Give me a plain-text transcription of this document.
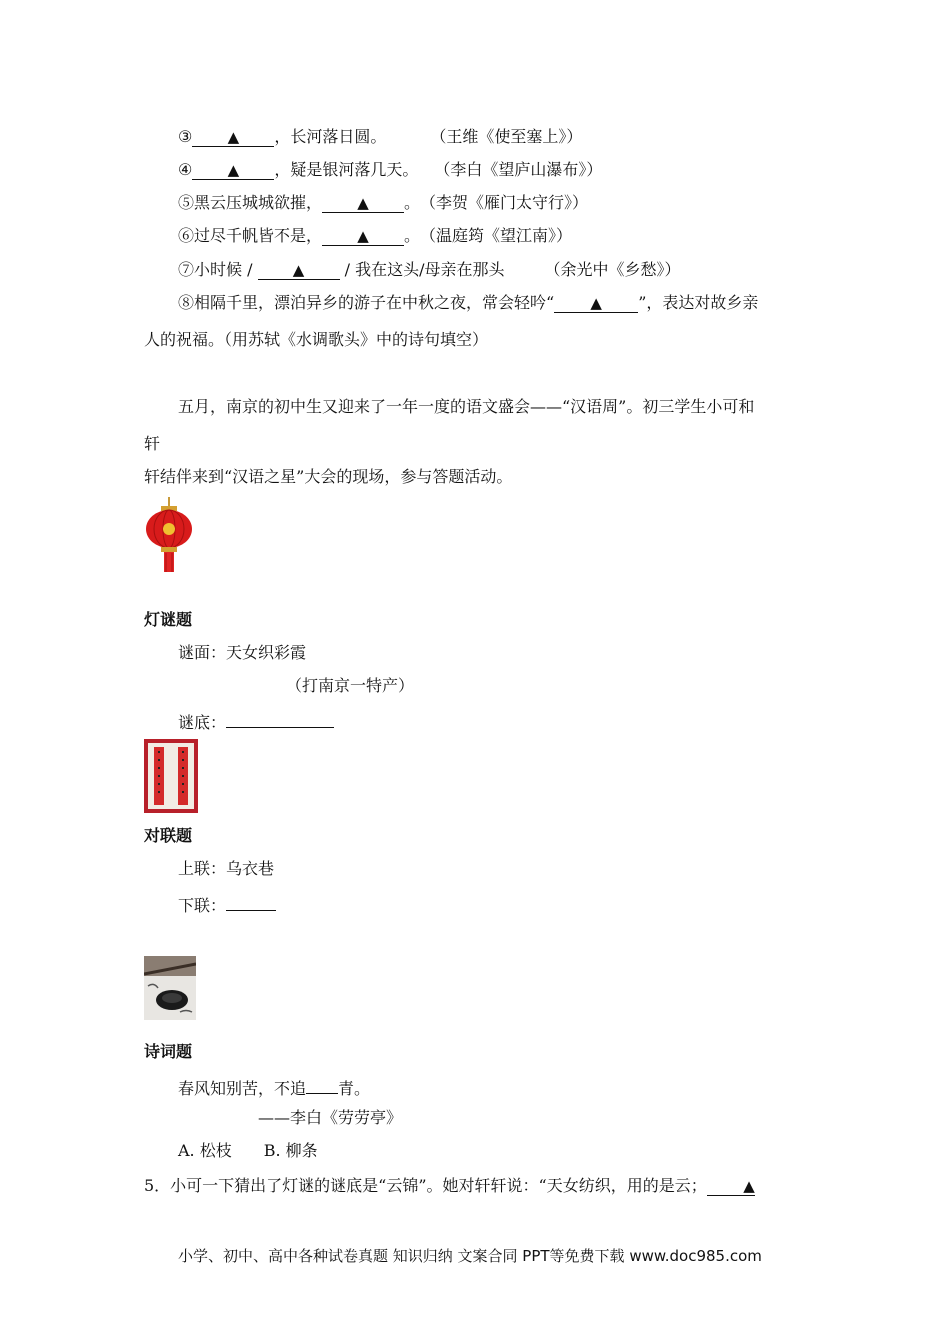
③ ▲ ，长河落日圆。	（王维《使至塞上》）
④ ▲ ，疑是银河落几天。 （李白《望庐山瀑布》）
⑤黑云压城城欲摧， ▲ 。 （李贺《雁门太守行》）
⑥过尽千帆皆不是， ▲ 。 （温庭筠《望江南》）
⑦小时候 / ▲ / 我在这头/母亲在那头	（余光中《乡愁》）
⑧相隔千里，漂泊异乡的游子在中秋之夜，常会轻吟“ ▲ ”，表达对故乡亲
人的祝福。（用苏轼《水调歌头》中的诗句填空）
五月，南京的初中生又迎来了一年一度的语文盛会——“汉语周”。初三学生小可和
轩
轩结伴来到“汉语之星”大会的现场，参与答题活动。
灯谜题
谜面：天女织彩霞
（打南京一特产）
谜底：
对联题
上联：乌衣巷
下联：
诗词题
春风知别苦，不追 青。
——李白《劳劳亭》
A. 松枝　　B. 柳条
5．小可一下猜出了灯谜的谜底是“云锦”。她对轩轩说：“天女纺织，用的是云； ▲
小学、初中、高中各种试卷真题 知识归纳 文案合同 PPT等免费下载 www.doc985.com
